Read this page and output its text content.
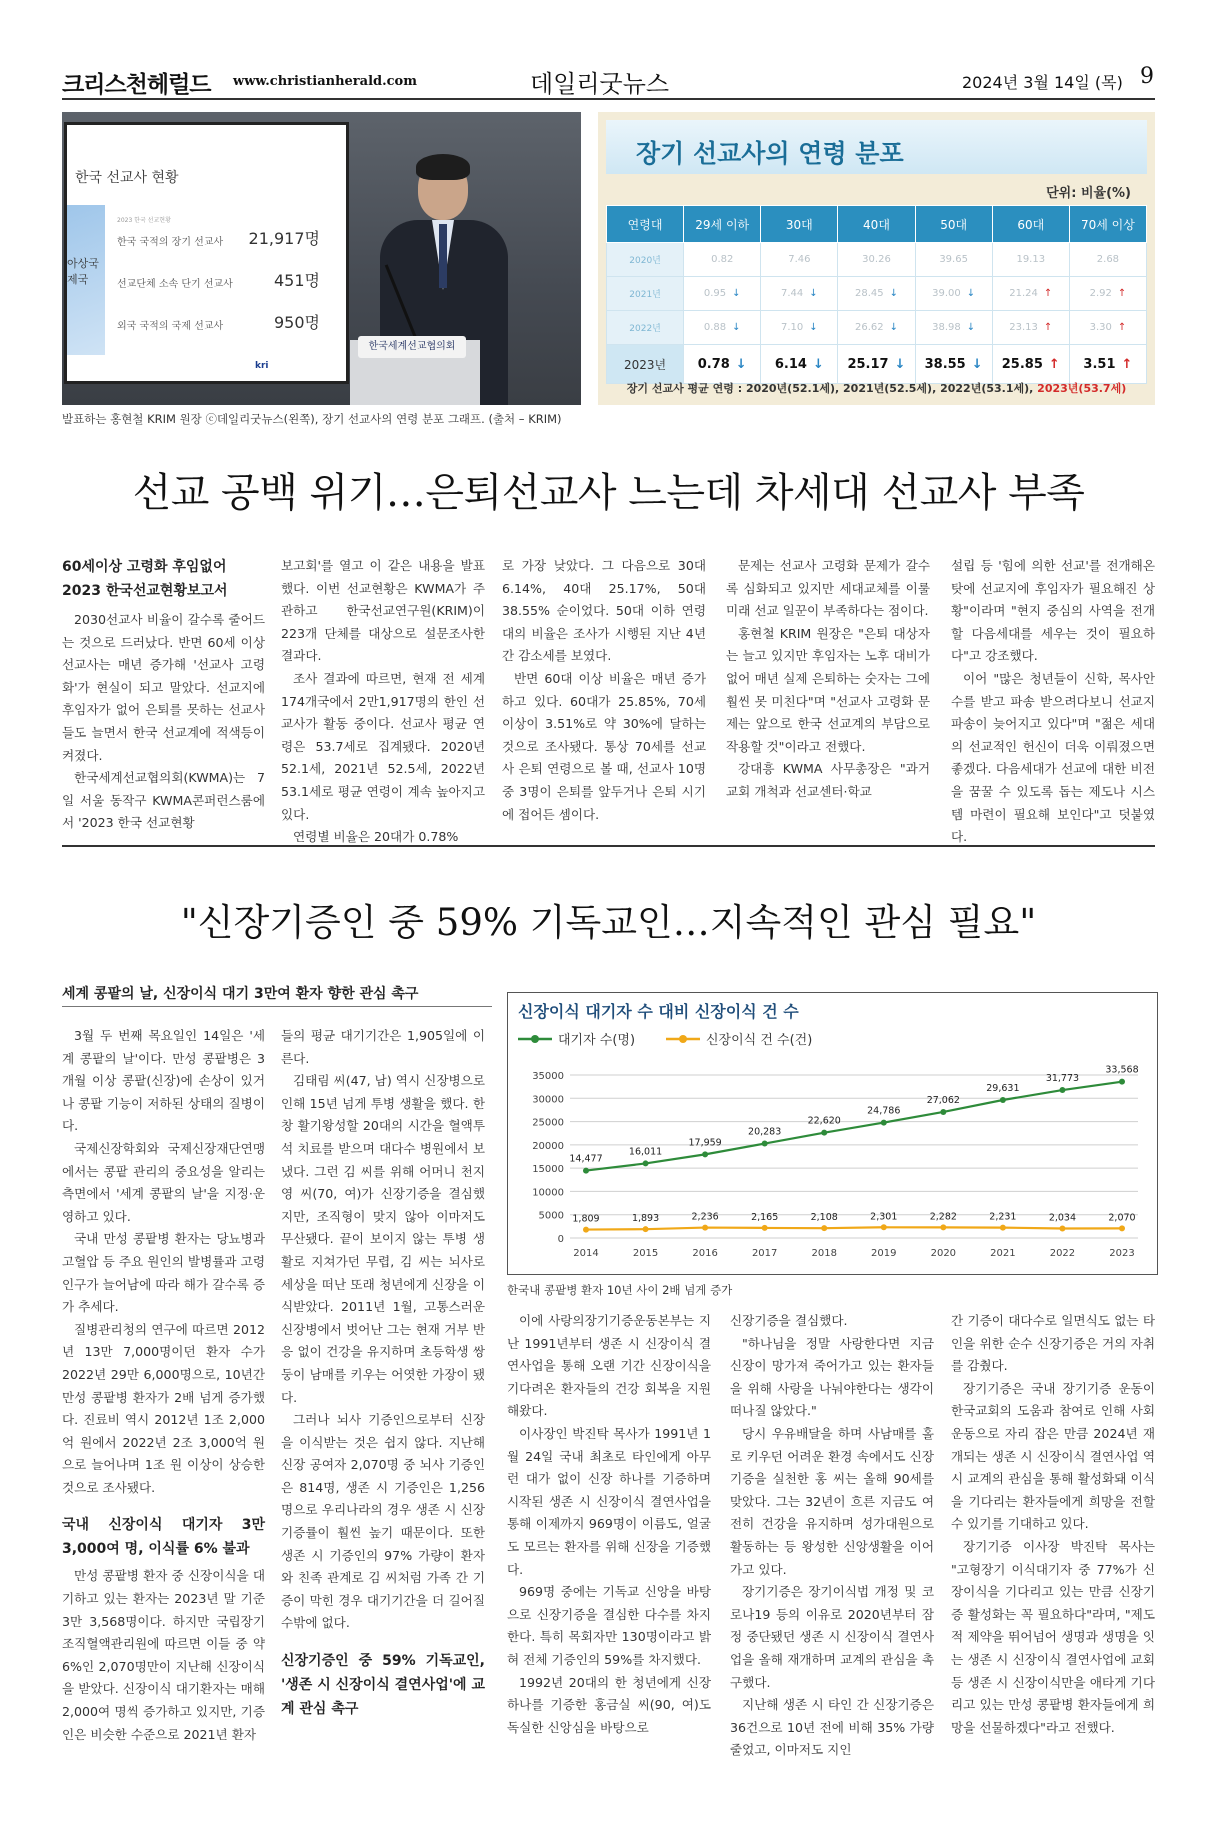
크리스천헤럴드 www.christianherald.com	데일리굿뉴스	2024년 3월 14일 (목) 9
아상국
제국
한국 선교사 현황
2023 한국 선교현황
한국 국적의 장기 선교사 21,917명
선교단체 소속 단기 선교사	451명
외국 국적의 국제 선교사	950명
kri
한국세계선교협의회
장기 선교사의 연령 분포
단위: 비율(%)
연령대	29세 이하	30대	40대	50대	60대	70세 이상
2020년	0.82	7.46	30.26	39.65	19.13	2.68
2021년	0.95 ↓	7.44 ↓	28.45 ↓	39.00 ↓	21.24 ↑	2.92 ↑
2022년	0.88 ↓	7.10 ↓	26.62 ↓	38.98 ↓	23.13 ↑	3.30 ↑
2023년	0.78 ↓	6.14 ↓	25.17 ↓	38.55 ↓	25.85 ↑	3.51 ↑
장기 선교사 평균 연령 : 2020년(52.1세), 2021년(52.5세), 2022년(53.1세), 2023년(53.7세)
발표하는 홍현철 KRIM 원장 ⓒ데일리굿뉴스(왼쪽), 장기 선교사의 연령 분포 그래프. (출처 – KRIM)
선교 공백 위기…은퇴선교사 느는데 차세대 선교사 부족

60세이상 고령화 후임없어

2023 한국선교현황보고서

2030선교사 비율이 갈수록 줄어드는 것으로 드러났다. 반면 60세 이상 선교사는 매년 증가해 '선교사 고령화'가 현실이 되고 말았다. 선교지에 후임자가 없어 은퇴를 못하는 선교사들도 늘면서 한국 선교계에 적색등이 켜졌다.

한국세계선교협의회(KWMA)는 7일 서울 동작구 KWMA콘퍼런스룸에서 '2023 한국 선교현황

보고회'를 열고 이 같은 내용을 발표했다. 이번 선교현황은 KWMA가 주관하고 한국선교연구원(KRIM)이 223개 단체를 대상으로 설문조사한 결과다.

조사 결과에 따르면, 현재 전 세계 174개국에서 2만1,917명의 한인 선교사가 활동 중이다. 선교사 평균 연령은 53.7세로 집계됐다. 2020년 52.1세, 2021년 52.5세, 2022년 53.1세로 평균 연령이 계속 높아지고 있다.

연령별 비율은 20대가 0.78%

로 가장 낮았다. 그 다음으로 30대 6.14%, 40대 25.17%, 50대 38.55% 순이었다. 50대 이하 연령대의 비율은 조사가 시행된 지난 4년간 감소세를 보였다.

반면 60대 이상 비율은 매년 증가하고 있다. 60대가 25.85%, 70세 이상이 3.51%로 약 30%에 달하는 것으로 조사됐다. 통상 70세를 선교사 은퇴 연령으로 볼 때, 선교사 10명 중 3명이 은퇴를 앞두거나 은퇴 시기에 접어든 셈이다.

문제는 선교사 고령화 문제가 갈수록 심화되고 있지만 세대교체를 이룰 미래 선교 일꾼이 부족하다는 점이다.

홍현철 KRIM 원장은 "은퇴 대상자는 늘고 있지만 후임자는 노후 대비가 없어 매년 실제 은퇴하는 숫자는 그에 훨씬 못 미친다"며 "선교사 고령화 문제는 앞으로 한국 선교계의 부담으로 작용할 것"이라고 전했다.

강대흥 KWMA 사무총장은 "과거 교회 개척과 선교센터·학교

설립 등 '힘에 의한 선교'를 전개해온 탓에 선교지에 후임자가 필요해진 상황"이라며 "현지 중심의 사역을 전개할 다음세대를 세우는 것이 필요하다"고 강조했다.

이어 "많은 청년들이 신학, 목사안수를 받고 파송 받으려다보니 선교지 파송이 늦어지고 있다"며 "젊은 세대의 선교적인 헌신이 더욱 이뤄졌으면 좋겠다. 다음세대가 선교에 대한 비전을 꿈꿀 수 있도록 돕는 제도나 시스템 마련이 필요해 보인다"고 덧붙였다.

"신장기증인 중 59% 기독교인…지속적인 관심 필요"
세계 콩팥의 날, 신장이식 대기 3만여 환자 향한 관심 촉구

3월 두 번째 목요일인 14일은 '세계 콩팥의 날'이다. 만성 콩팥병은 3개월 이상 콩팥(신장)에 손상이 있거나 콩팥 기능이 저하된 상태의 질병이다.

국제신장학회와 국제신장재단연맹에서는 콩팥 관리의 중요성을 알리는 측면에서 '세계 콩팥의 날'을 지정·운영하고 있다.

국내 만성 콩팥병 환자는 당뇨병과 고혈압 등 주요 원인의 발병률과 고령 인구가 늘어남에 따라 해가 갈수록 증가 추세다.

질병관리청의 연구에 따르면 2012년 13만 7,000명이던 환자 수가 2022년 29만 6,000명으로, 10년간 만성 콩팥병 환자가 2배 넘게 증가했다. 진료비 역시 2012년 1조 2,000억 원에서 2022년 2조 3,000억 원으로 늘어나며 1조 원 이상이 상승한 것으로 조사됐다.

국내 신장이식 대기자 3만3,000여 명, 이식률 6% 불과

만성 콩팥병 환자 중 신장이식을 대기하고 있는 환자는 2023년 말 기준 3만 3,568명이다. 하지만 국립장기조직혈액관리원에 따르면 이들 중 약 6%인 2,070명만이 지난해 신장이식을 받았다. 신장이식 대기환자는 매해 2,000여 명씩 증가하고 있지만, 기증인은 비슷한 수준으로 2021년 환자

들의 평균 대기기간은 1,905일에 이른다.

김태림 씨(47, 남) 역시 신장병으로 인해 15년 넘게 투병 생활을 했다. 한창 활기왕성할 20대의 시간을 혈액투석 치료를 받으며 대다수 병원에서 보냈다. 그런 김 씨를 위해 어머니 천지영 씨(70, 여)가 신장기증을 결심했지만, 조직형이 맞지 않아 이마저도 무산됐다. 끝이 보이지 않는 투병 생활로 지쳐가던 무렵, 김 씨는 뇌사로 세상을 떠난 또래 청년에게 신장을 이식받았다. 2011년 1월, 고통스러운 신장병에서 벗어난 그는 현재 거부 반응 없이 건강을 유지하며 초등학생 쌍둥이 남매를 키우는 어엿한 가장이 됐다.

그러나 뇌사 기증인으로부터 신장을 이식받는 것은 쉽지 않다. 지난해 신장 공여자 2,070명 중 뇌사 기증인은 814명, 생존 시 기증인은 1,256명으로 우리나라의 경우 생존 시 신장기증률이 훨씬 높기 때문이다. 또한 생존 시 기증인의 97% 가량이 환자와 친족 관계로 김 씨처럼 가족 간 기증이 막힌 경우 대기기간을 더 길어질 수밖에 없다.

신장기증인 중 59% 기독교인, '생존 시 신장이식 결연사업'에 교계 관심 촉구

신장이식 대기자 수 대비 신장이식 건 수
대기자 수(명)	신장이식 건 수(건)
0
5000
10000
15000
20000
25000
30000
35000
2014	2015	2016	2017	2018	2019	2020	2021	2022	2023
14,477
16,011
17,959
20,283
22,620
24,786
27,062
29,631
31,773
33,568
1,809	1,893	2,236	2,165	2,108	2,301	2,282	2,231	2,034	2,070
한국내 콩팥병 환자 10년 사이 2배 넘게 증가

이에 사랑의장기기증운동본부는 지난 1991년부터 생존 시 신장이식 결연사업을 통해 오랜 기간 신장이식을 기다려온 환자들의 건강 회복을 지원해왔다.

이사장인 박진탁 목사가 1991년 1월 24일 국내 최초로 타인에게 아무런 대가 없이 신장 하나를 기증하며 시작된 생존 시 신장이식 결연사업을 통해 이제까지 969명이 이름도, 얼굴도 모르는 환자를 위해 신장을 기증했다.

969명 중에는 기독교 신앙을 바탕으로 신장기증을 결심한 다수를 차지한다. 특히 목회자만 130명이라고 밝혀 전체 기증인의 59%를 차지했다.

1992년 20대의 한 청년에게 신장 하나를 기증한 홍금실 씨(90, 여)도 독실한 신앙심을 바탕으로

신장기증을 결심했다.

"하나님을 정말 사랑한다면 지금 신장이 망가져 죽어가고 있는 환자들을 위해 사랑을 나눠야한다는 생각이 떠나질 않았다."

당시 우유배달을 하며 사남매를 홀로 키우던 어려운 환경 속에서도 신장기증을 실천한 홍 씨는 올해 90세를 맞았다. 그는 32년이 흐른 지금도 여전히 건강을 유지하며 성가대원으로 활동하는 등 왕성한 신앙생활을 이어가고 있다.

장기기증은 장기이식법 개정 및 코로나19 등의 이유로 2020년부터 잠정 중단됐던 생존 시 신장이식 결연사업을 올해 재개하며 교계의 관심을 촉구했다.

지난해 생존 시 타인 간 신장기증은 36건으로 10년 전에 비해 35% 가량 줄었고, 이마저도 지인

간 기증이 대다수로 일면식도 없는 타인을 위한 순수 신장기증은 거의 자취를 감췄다.

장기기증은 국내 장기기증 운동이 한국교회의 도움과 참여로 인해 사회 운동으로 자리 잡은 만큼 2024년 재개되는 생존 시 신장이식 결연사업 역시 교계의 관심을 통해 활성화돼 이식을 기다리는 환자들에게 희망을 전할 수 있기를 기대하고 있다.

장기기증 이사장 박진탁 목사는 "고형장기 이식대기자 중 77%가 신장이식을 기다리고 있는 만큼 신장기증 활성화는 꼭 필요하다"라며, "제도적 제약을 뛰어넘어 생명과 생명을 잇는 생존 시 신장이식 결연사업에 교회 등 생존 시 신장이식만을 애타게 기다리고 있는 만성 콩팥병 환자들에게 희망을 선물하겠다"라고 전했다.
